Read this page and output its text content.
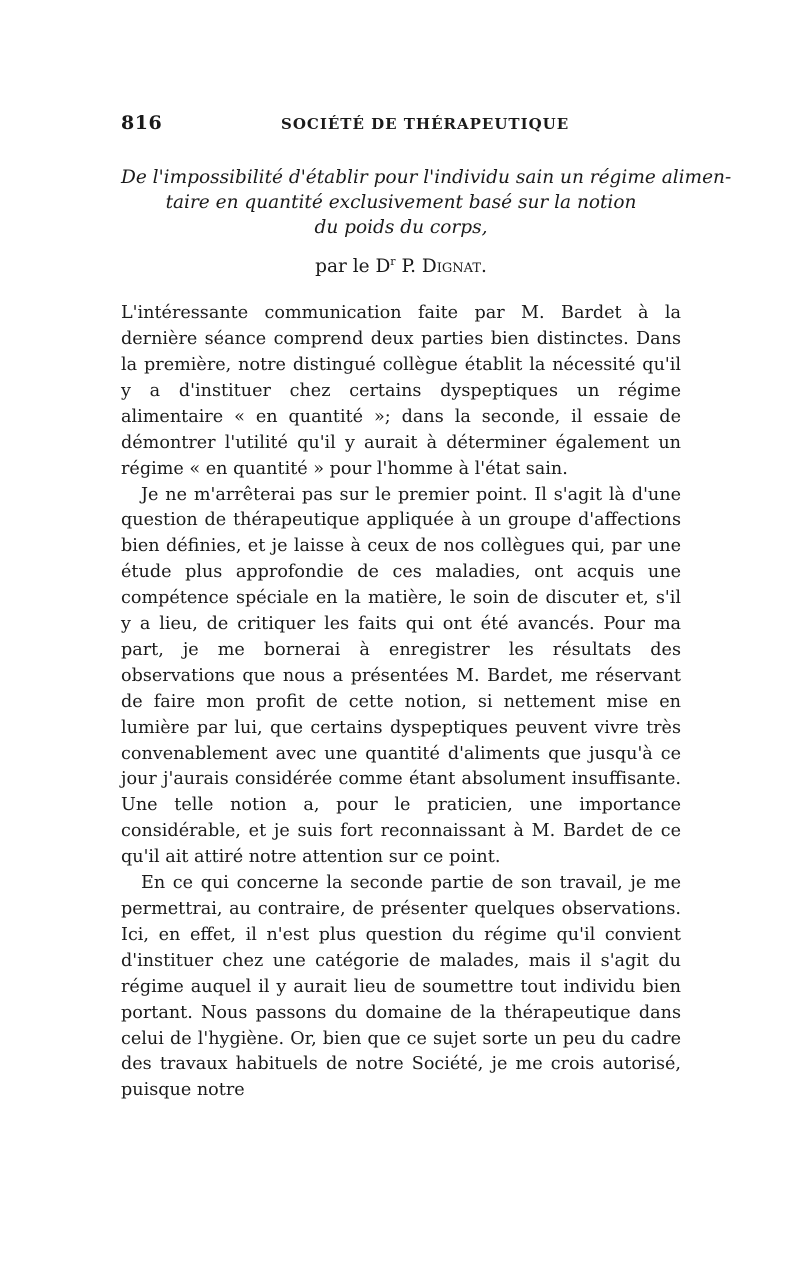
816	SOCIÉTÉ DE THÉRAPEUTIQUE
De l'impossibilité d'établir pour l'individu sain un régime alimen-
taire en quantité exclusivement basé sur la notion
du poids du corps,
par le $D^r$ P. Dignat.

L'intéressante communication faite par M. Bardet à la dernière séance comprend deux parties bien distinctes. Dans la première, notre distingué collègue établit la nécessité qu'il y a d'instituer chez certains dyspeptiques un régime alimentaire « en quantité »; dans la seconde, il essaie de démontrer l'utilité qu'il y aurait à déterminer également un régime « en quantité » pour l'homme à l'état sain.

Je ne m'arrêterai pas sur le premier point. Il s'agit là d'une question de thérapeutique appliquée à un groupe d'affections bien définies, et je laisse à ceux de nos collègues qui, par une étude plus approfondie de ces maladies, ont acquis une compétence spéciale en la matière, le soin de discuter et, s'il y a lieu, de critiquer les faits qui ont été avancés. Pour ma part, je me bornerai à enregistrer les résultats des observations que nous a présentées M. Bardet, me réservant de faire mon profit de cette notion, si nettement mise en lumière par lui, que certains dyspeptiques peuvent vivre très convenablement avec une quantité d'aliments que jusqu'à ce jour j'aurais considérée comme étant absolument insuffisante. Une telle notion a, pour le praticien, une importance considérable, et je suis fort reconnaissant à M. Bardet de ce qu'il ait attiré notre attention sur ce point.

En ce qui concerne la seconde partie de son travail, je me permettrai, au contraire, de présenter quelques observations. Ici, en effet, il n'est plus question du régime qu'il convient d'instituer chez une catégorie de malades, mais il s'agit du régime auquel il y aurait lieu de soumettre tout individu bien portant. Nous passons du domaine de la thérapeutique dans celui de l'hygiène. Or, bien que ce sujet sorte un peu du cadre des travaux habituels de notre Société, je me crois autorisé, puisque notre
